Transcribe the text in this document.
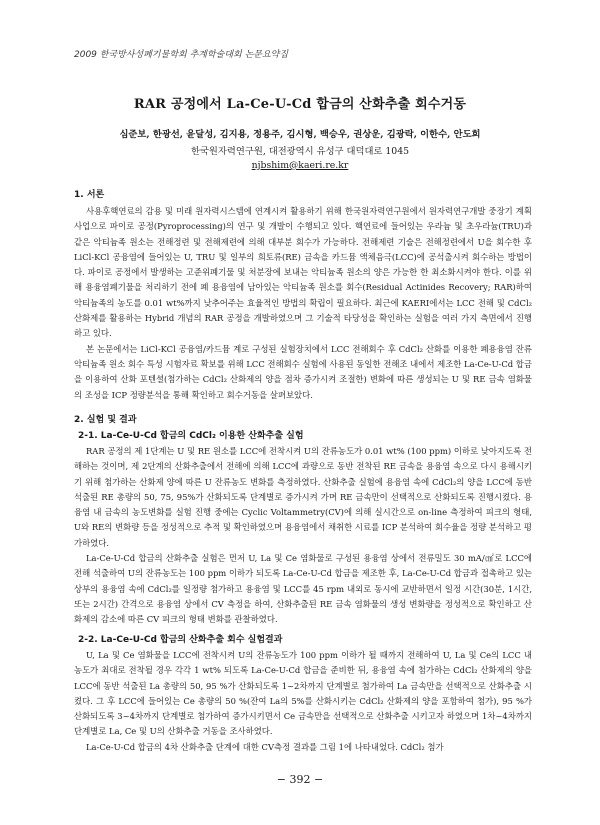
2009 한국방사성폐기물학회 추계학술대회 논문요약집
RAR 공정에서 La-Ce-U-Cd 합금의 산화추출 회수거동
심준보, 한광선, 윤달성, 김지용, 정용주, 김시형, 백승우, 권상운, 김광락, 이한수, 안도희
한국원자력연구원, 대전광역시 유성구 대덕대로 1045
njbshim@kaeri.re.kr
1. 서론

사용후핵연료의 감용 및 미래 원자력시스템에 연계시켜 활용하기 위해 한국원자력연구원에서 원자력연구개발 중장기 계획사업으로 파이로 공정(Pyroprocessing)의 연구 및 개발이 수행되고 있다. 핵연료에 들어있는 우라늄 및 초우라늄(TRU)과 같은 악티늄족 원소는 전해정련 및 전해제련에 의해 대부분 회수가 가능하다. 전해제련 기술은 전해정련에서 U을 회수한 후 LiCl-KCl 공융염에 들어있는 U, TRU 및 일부의 희토류(RE) 금속을 카드뮴 액체음극(LCC)에 공석출시켜 회수하는 방법이다. 파이로 공정에서 발생하는 고준위폐기물 및 처분장에 보내는 악티늄족 원소의 양은 가능한 한 최소화시켜야 한다. 이를 위해 용융염폐기물을 처리하기 전에 폐 용융염에 남아있는 악티늄족 원소를 회수(Residual Actinides Recovery; RAR)하여 악티늄족의 농도를 0.01 wt%까지 낮추어주는 효율적인 방법의 확립이 필요하다. 최근에 KAERI에서는 LCC 전해 및 CdCl₂ 산화제를 활용하는 Hybrid 개념의 RAR 공정을 개발하였으며 그 기술적 타당성을 확인하는 실험을 여러 가지 측면에서 진행하고 있다.

본 논문에서는 LiCl-KCl 공융염/카드뮴 계로 구성된 실험장치에서 LCC 전해회수 후 CdCl₂ 산화를 이용한 폐용융염 잔류 악티늄족 원소 회수 특성 시험자료 확보를 위해 LCC 전해회수 실험에 사용된 동일한 전해조 내에서 제조한 La-Ce-U-Cd 합금을 이용하여 산화 포텐셜(첨가하는 CdCl₂ 산화제의 양을 점차 증가시켜 조절한) 변화에 따른 생성되는 U 및 RE 금속 염화물의 조성을 ICP 정량분석을 통해 확인하고 회수거동을 살펴보았다.

2. 실험 및 결과
2-1. La-Ce-U-Cd 합금의 CdCl₂ 이용한 산화추출 실험

RAR 공정의 제 1단계는 U 및 RE 원소를 LCC에 전착시켜 U의 잔류농도가 0.01 wt% (100 ppm) 이하로 낮아지도록 전해하는 것이며, 제 2단계의 산화추출에서 전해에 의해 LCC에 과량으로 동반 전착된 RE 금속을 용융염 속으로 다시 용해시키기 위해 첨가하는 산화제 양에 따른 U 잔류농도 변화를 측정하였다. 산화추출 실험에 용융염 속에 CdCl₂의 양을 LCC에 동반 석출된 RE 총량의 50, 75, 95%가 산화되도록 단계별로 증가시켜 가며 RE 금속만이 선택적으로 산화되도록 진행시켰다. 용융염 내 금속의 농도변화를 실험 진행 중에는 Cyclic Voltammetry(CV)에 의해 실시간으로 on-line 측정하여 피크의 형태, U와 RE의 변화량 등을 정성적으로 추적 및 확인하였으며 용융염에서 채취한 시료를 ICP 분석하여 회수율을 정량 분석하고 평가하였다.

La-Ce-U-Cd 합금의 산화추출 실험은 먼저 U, La 및 Ce 염화물로 구성된 용융염 상에서 전류밀도 30 mA/㎠로 LCC에 전해 석출하여 U의 잔류농도는 100 ppm 이하가 되도록 La-Ce-U-Cd 합금을 제조한 후, La-Ce-U-Cd 합금과 접촉하고 있는 상부의 용융염 속에 CdCl₂를 일정량 첨가하고 용융염 및 LCC를 45 rpm 내외로 동시에 교반하면서 일정 시간(30분, 1시간, 또는 2시간) 간격으로 용융염 상에서 CV 측정을 하여, 산화추출된 RE 금속 염화물의 생성 변화량을 정성적으로 확인하고 산화제의 감소에 따른 CV 피크의 형태 변화를 관찰하였다.

2-2. La-Ce-U-Cd 합금의 산화추출 회수 실험결과

U, La 및 Ce 염화물을 LCC에 전착시켜 U의 잔류농도가 100 ppm 이하가 될 때까지 전해하여 U, La 및 Ce의 LCC 내 농도가 최대로 전착될 경우 각각 1 wt% 되도록 La-Ce-U-Cd 합금을 준비한 뒤, 용융염 속에 첨가하는 CdCl₂ 산화제의 양을 LCC에 동반 석출된 La 총량의 50, 95 %가 산화되도록 1~2차까지 단계별로 첨가하여 La 금속만을 선택적으로 산화추출 시켰다. 그 후 LCC에 들어있는 Ce 총량의 50 %(잔여 La의 5%를 산화시키는 CdCl₂ 산화제의 양을 포함하여 첨가), 95 %가 산화되도록 3~4차까지 단계별로 첨가하여 증가시키면서 Ce 금속만을 선택적으로 산화추출 시키고자 하였으며 1차~4차까지 단계별로 La, Ce 및 U의 산화추출 거동을 조사하였다.

La-Ce-U-Cd 합금의 4차 산화추출 단계에 대한 CV측정 결과를 그림 1에 나타내었다. CdCl₂ 첨가

− 392 −
